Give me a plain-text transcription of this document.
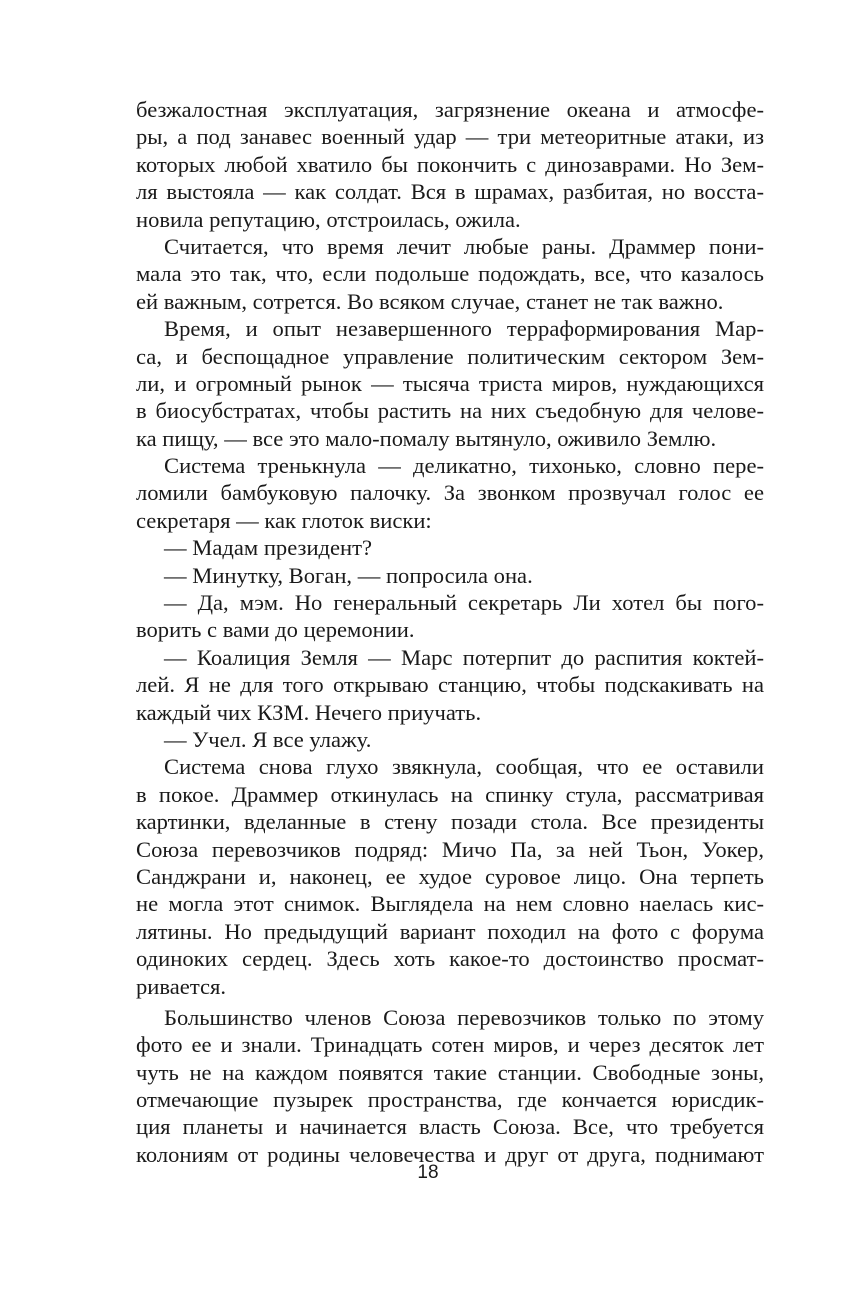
безжалостная эксплуатация, загрязнение океана и атмосфе-
ры, а под занавес военный удар — три метеоритные атаки, из
которых любой хватило бы покончить с динозаврами. Но Зем-
ля выстояла — как солдат. Вся в шрамах, разбитая, но восста-
новила репутацию, отстроилась, ожила.
Считается, что время лечит любые раны. Драммер пони-
мала это так, что, если подольше подождать, все, что казалось
ей важным, сотрется. Во всяком случае, станет не так важно.
Время, и опыт незавершенного терраформирования Мар-
са, и беспощадное управление политическим сектором Зем-
ли, и огромный рынок — тысяча триста миров, нуждающихся
в биосубстратах, чтобы растить на них съедобную для челове-
ка пищу, — все это мало-помалу вытянуло, оживило Землю.
Система тренькнула — деликатно, тихонько, словно пере-
ломили бамбуковую палочку. За звонком прозвучал голос ее
секретаря — как глоток виски:
— Мадам президент?
— Минутку, Воган, — попросила она.
— Да, мэм. Но генеральный секретарь Ли хотел бы пого-
ворить с вами до церемонии.
— Коалиция Земля — Марс потерпит до распития коктей-
лей. Я не для того открываю станцию, чтобы подскакивать на
каждый чих КЗМ. Нечего приучать.
— Учел. Я все улажу.
Система снова глухо звякнула, сообщая, что ее оставили
в покое. Драммер откинулась на спинку стула, рассматривая
картинки, вделанные в стену позади стола. Все президенты
Союза перевозчиков подряд: Мичо Па, за ней Тьон, Уокер,
Санджрани и, наконец, ее худое суровое лицо. Она терпеть
не могла этот снимок. Выглядела на нем словно наелась кис-
лятины. Но предыдущий вариант походил на фото с форума
одиноких сердец. Здесь хоть какое-то достоинство просмат-
ривается.
Большинство членов Союза перевозчиков только по этому
фото ее и знали. Тринадцать сотен миров, и через десяток лет
чуть не на каждом появятся такие станции. Свободные зоны,
отмечающие пузырек пространства, где кончается юрисдик-
ция планеты и начинается власть Союза. Все, что требуется
колониям от родины человечества и друг от друга, поднимают
18
